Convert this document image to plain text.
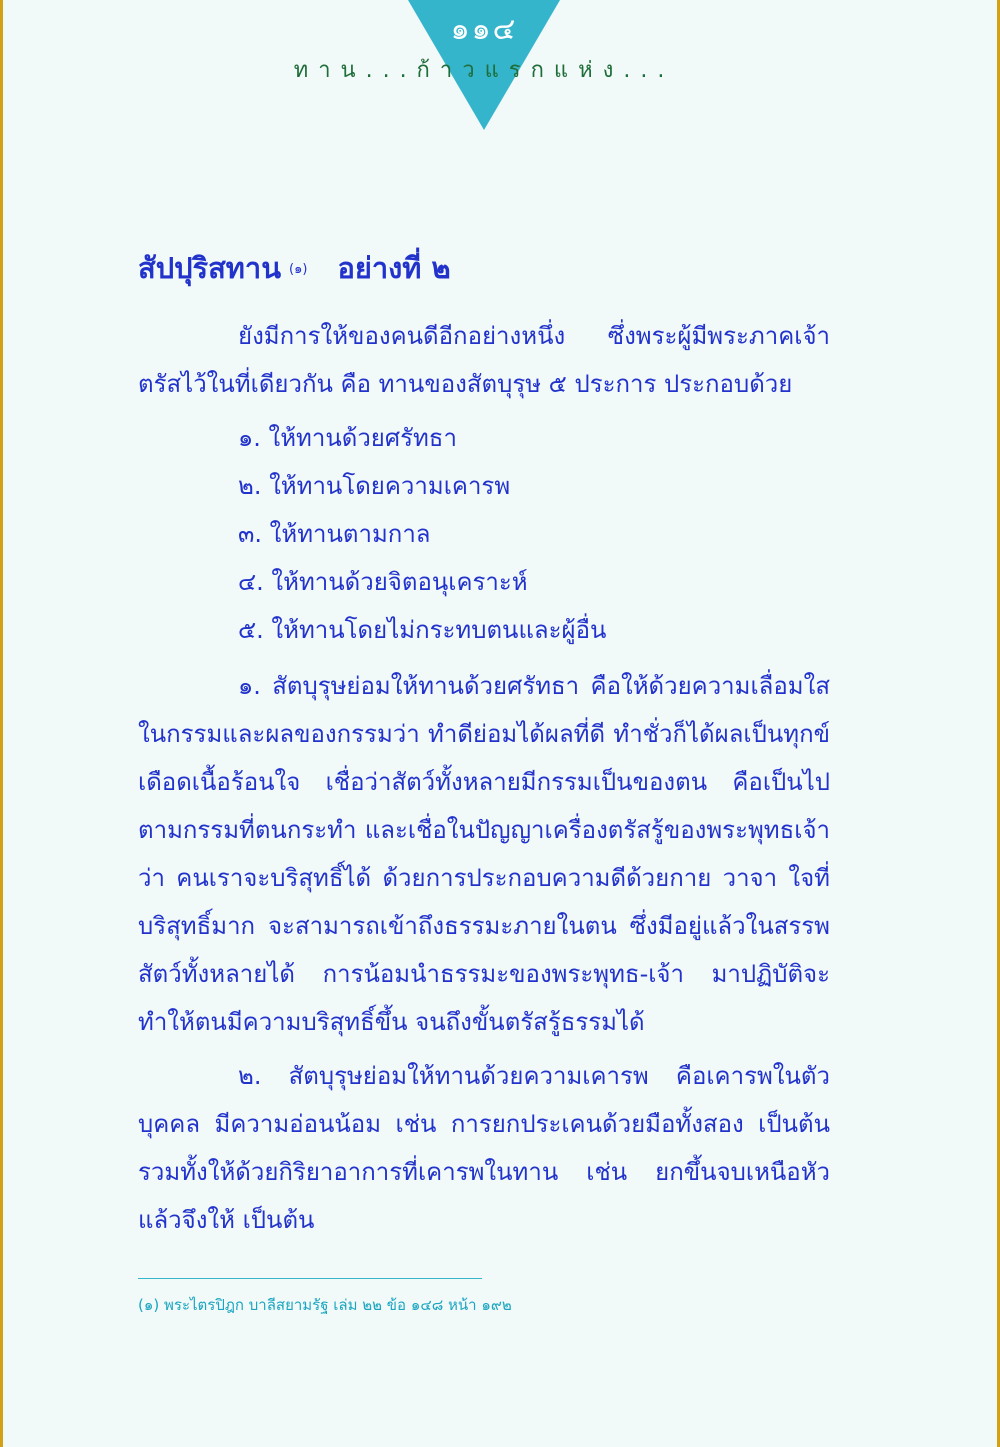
๑๑๔
ทาน...ก้าวแรกแห่ง...
สัปปุริสทาน $^{(๑)}$ อย่างที่ ๒

ยังมีการให้ของคนดีอีกอย่างหนึ่ง ซึ่งพระผู้มีพระภาคเจ้าตรัสไว้ในที่เดียวกัน คือ ทานของสัตบุรุษ ๕ ประการ ประกอบด้วย

๑. ให้ทานด้วยศรัทธา
๒. ให้ทานโดยความเคารพ
๓. ให้ทานตามกาล
๔. ให้ทานด้วยจิตอนุเคราะห์
๕. ให้ทานโดยไม่กระทบตนและผู้อื่น

๑. สัตบุรุษย่อมให้ทานด้วยศรัทธา คือให้ด้วยความเลื่อมใสในกรรมและผลของกรรมว่า ทำดีย่อมได้ผลที่ดี ทำชั่วก็ได้ผลเป็นทุกข์ เดือดเนื้อร้อนใจ เชื่อว่าสัตว์ทั้งหลายมีกรรมเป็นของตน คือเป็นไปตามกรรมที่ตนกระทำ และเชื่อในปัญญาเครื่องตรัสรู้ของพระพุทธเจ้าว่า คนเราจะบริสุทธิ์ได้ ด้วยการประกอบความดีด้วยกาย วาจา ใจที่บริสุทธิ์มาก จะสามารถเข้าถึงธรรมะภายในตน ซึ่งมีอยู่แล้วในสรรพสัตว์ทั้งหลายได้ การน้อมนำธรรมะของพระพุทธ-เจ้า มาปฏิบัติจะทำให้ตนมีความบริสุทธิ์ขึ้น จนถึงขั้นตรัสรู้ธรรมได้

๒. สัตบุรุษย่อมให้ทานด้วยความเคารพ คือเคารพในตัวบุคคล มีความอ่อนน้อม เช่น การยกประเคนด้วยมือทั้งสอง เป็นต้น รวมทั้งให้ด้วยกิริยาอาการที่เคารพในทาน เช่น ยกขึ้นจบเหนือหัว แล้วจึงให้ เป็นต้น

(๑) พระไตรปิฎก บาลีสยามรัฐ เล่ม ๒๒ ข้อ ๑๔๘ หน้า ๑๙๒
